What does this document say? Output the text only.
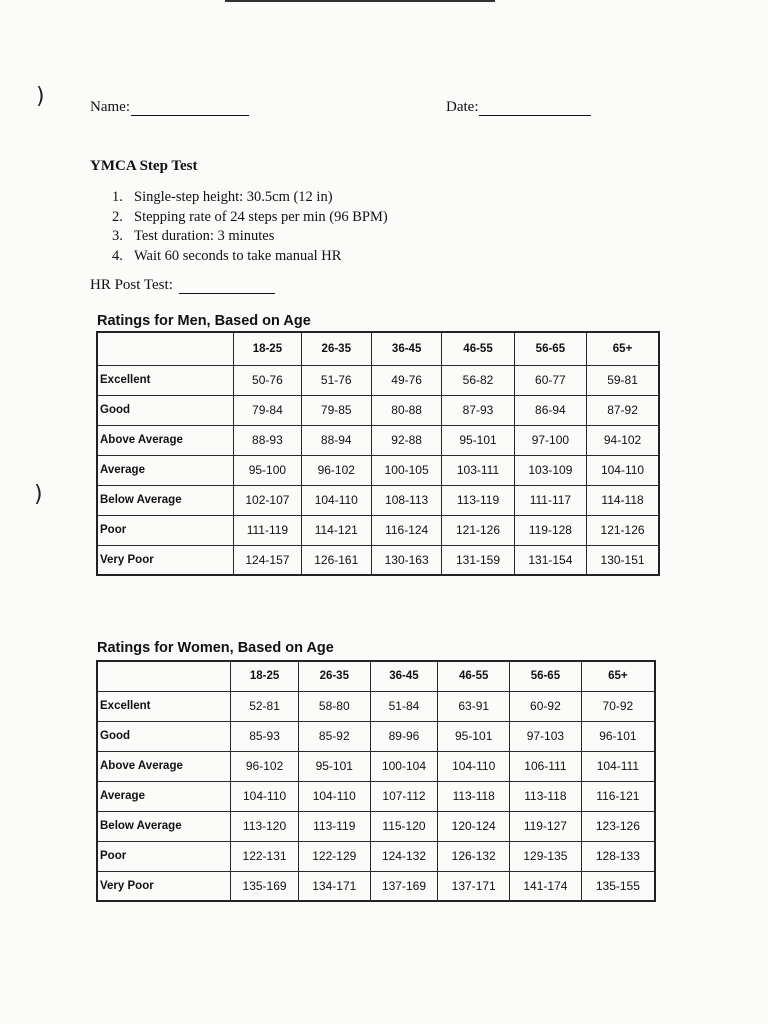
)
)
Name:	Date:
YMCA Step Test
1. Single-step height: 30.5cm (12 in)
2. Stepping rate of 24 steps per min (96 BPM)
3. Test duration: 3 minutes
4. Wait 60 seconds to take manual HR
HR Post Test:
Ratings for Men, Based on Age
	18-25	26-35	36-45	46-55	56-65	65+
Excellent	50-76	51-76	49-76	56-82	60-77	59-81
Good	79-84	79-85	80-88	87-93	86-94	87-92
Above Average	88-93	88-94	92-88	95-101	97-100	94-102
Average	95-100	96-102	100-105	103-111	103-109	104-110
Below Average	102-107	104-110	108-113	113-119	111-117	114-118
Poor	111-119	114-121	116-124	121-126	119-128	121-126
Very Poor	124-157	126-161	130-163	131-159	131-154	130-151
Ratings for Women, Based on Age
	18-25	26-35	36-45	46-55	56-65	65+
Excellent	52-81	58-80	51-84	63-91	60-92	70-92
Good	85-93	85-92	89-96	95-101	97-103	96-101
Above Average	96-102	95-101	100-104	104-110	106-111	104-111
Average	104-110	104-110	107-112	113-118	113-118	116-121
Below Average	113-120	113-119	115-120	120-124	119-127	123-126
Poor	122-131	122-129	124-132	126-132	129-135	128-133
Very Poor	135-169	134-171	137-169	137-171	141-174	135-155
